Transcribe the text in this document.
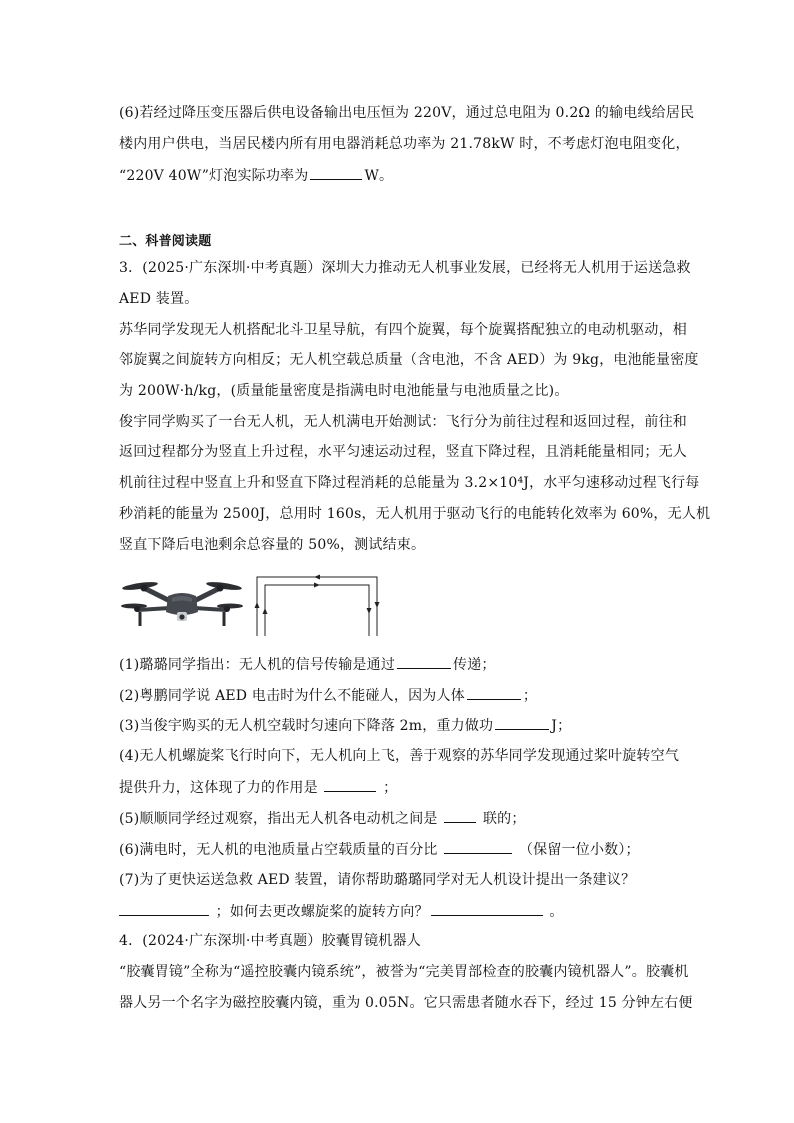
(6)若经过降压变压器后供电设备输出电压恒为 220V，通过总电阻为 0.2Ω 的输电线给居民
楼内用户供电，当居民楼内所有用电器消耗总功率为 21.78kW 时，不考虑灯泡电阻变化，
“220V 40W”灯泡实际功率为	W。
二、科普阅读题
3．(2025·广东深圳·中考真题）深圳大力推动无人机事业发展，已经将无人机用于运送急救
AED 装置。
苏华同学发现无人机搭配北斗卫星导航，有四个旋翼，每个旋翼搭配独立的电动机驱动，相
邻旋翼之间旋转方向相反；无人机空载总质量（含电池，不含 AED）为 9kg，电池能量密度
为 200W·h/kg，(质量能量密度是指满电时电池能量与电池质量之比)。
俊宇同学购买了一台无人机，无人机满电开始测试：飞行分为前往过程和返回过程，前往和
返回过程都分为竖直上升过程，水平匀速运动过程，竖直下降过程，且消耗能量相同；无人
机前往过程中竖直上升和竖直下降过程消耗的总能量为 3.2×10⁴J，水平匀速移动过程飞行每
秒消耗的能量为 2500J，总用时 160s，无人机用于驱动飞行的电能转化效率为 60%，无人机
竖直下降后电池剩余总容量的 50%，测试结束。
(1)璐璐同学指出：无人机的信号传输是通过	传递；
(2)粤鹏同学说 AED 电击时为什么不能碰人，因为人体	；
(3)当俊宇购买的无人机空载时匀速向下降落 2m，重力做功	J；
(4)无人机螺旋桨飞行时向下，无人机向上飞，善于观察的苏华同学发现通过桨叶旋转空气
提供升力，这体现了力的作用是	；
(5)顺顺同学经过观察，指出无人机各电动机之间是	联的；
(6)满电时，无人机的电池质量占空载质量的百分比	（保留一位小数）；
(7)为了更快运送急救 AED 装置，请你帮助璐璐同学对无人机设计提出一条建议？
；如何去更改螺旋桨的旋转方向？	。
4．(2024·广东深圳·中考真题）胶囊胃镜机器人
“胶囊胃镜”全称为“遥控胶囊内镜系统”，被誉为“完美胃部检查的胶囊内镜机器人”。胶囊机
器人另一个名字为磁控胶囊内镜，重为 0.05N。它只需患者随水吞下，经过 15 分钟左右便
